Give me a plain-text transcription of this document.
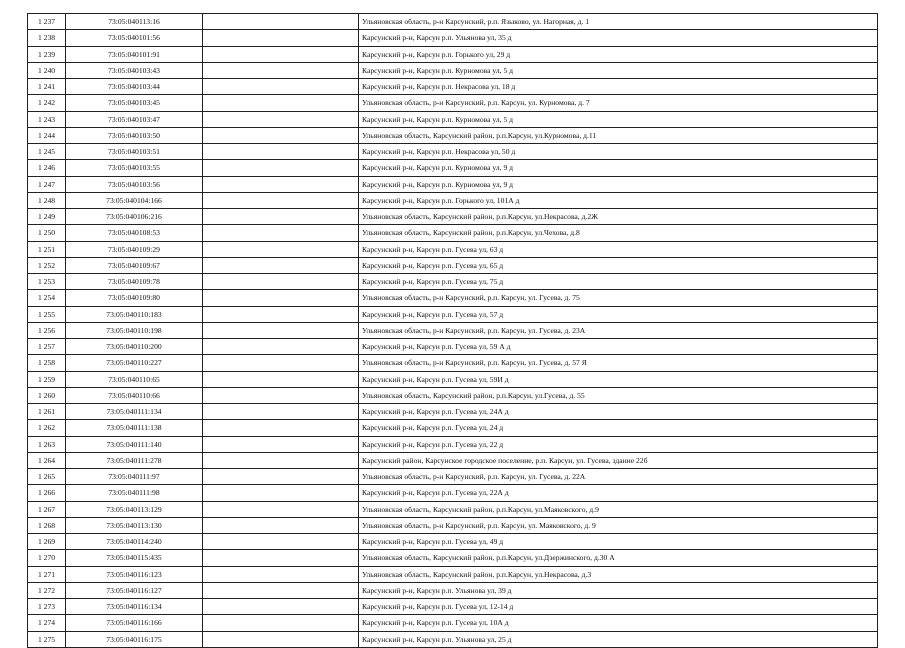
1 237	73:05:040113:16		Ульяновская область, р-н Карсунский, р.п. Языково, ул. Нагорная, д. 1
1 238	73:05:040101:56		Карсунский р-н, Карсун р.п. Ульянова ул, 35 д
1 239	73:05:040101:91		Карсунский р-н, Карсун р.п. Горького ул, 29 д
1 240	73:05:040103:43		Карсунский р-н, Карсун р.п. Курномова ул, 5 д
1 241	73:05:040103:44		Карсунский р-н, Карсун р.п. Некрасова ул, 18 д
1 242	73:05:040103:45		Ульяновская область, р-н Карсунский, р.п. Карсун, ул. Курномова, д. 7
1 243	73:05:040103:47		Карсунский р-н, Карсун р.п. Курномова ул, 5 д
1 244	73:05:040103:50		Ульяновская область, Карсунский район, р.п.Карсун, ул.Курномова, д.11
1 245	73:05:040103:51		Карсунский р-н, Карсун р.п. Некрасова ул, 50 д
1 246	73:05:040103:55		Карсунский р-н, Карсун р.п. Курномова ул, 9 д
1 247	73:05:040103:56		Карсунский р-н, Карсун р.п. Курномова ул, 9 д
1 248	73:05:040104:166		Карсунский р-н, Карсун р.п. Горького ул, 101А д
1 249	73:05:040106:216		Ульяновская область, Карсунский район, р.п.Карсун, ул.Некрасова, д.2Ж
1 250	73:05:040108:53		Ульяновская область, Карсунский район, р.п.Карсун, ул.Чехова, д.8
1 251	73:05:040109:29		Карсунский р-н, Карсун р.п. Гусева ул, 63 д
1 252	73:05:040109:67		Карсунский р-н, Карсун р.п. Гусева ул, 65 д
1 253	73:05:040109:78		Карсунский р-н, Карсун р.п. Гусева ул, 75 д
1 254	73:05:040109:80		Ульяновская область, р-н Карсунский, р.п. Карсун, ул. Гусева, д. 75
1 255	73:05:040110:183		Карсунский р-н, Карсун р.п. Гусева ул, 57 д
1 256	73:05:040110:198		Ульяновская область, р-н Карсунский, р.п. Карсун, ул. Гусева, д. 23А
1 257	73:05:040110:200		Карсунский р-н, Карсун р.п. Гусева ул, 59 А д
1 258	73:05:040110:227		Ульяновская область, р-н Карсунский, р.п. Карсун, ул. Гусева, д. 57 Я
1 259	73:05:040110:65		Карсунский р-н, Карсун р.п. Гусева ул, 59И д
1 260	73:05:040110:66		Ульяновская область, Карсунский район, р.п.Карсун, ул.Гусева, д. 55
1 261	73:05:040111:134		Карсунский р-н, Карсун р.п. Гусева ул, 24А д
1 262	73:05:040111:138		Карсунский р-н, Карсун р.п. Гусева ул, 24 д
1 263	73:05:040111:140		Карсунский р-н, Карсун р.п. Гусева ул, 22 д
1 264	73:05:040111:278		Карсунский район, Карсунское городское поселение, р.п. Карсун, ул. Гусева, здание 22б
1 265	73:05:040111:97		Ульяновская область, р-н Карсунский, р.п. Карсун, ул. Гусева, д. 22А
1 266	73:05:040111:98		Карсунский р-н, Карсун р.п. Гусева ул, 22А д
1 267	73:05:040113:129		Ульяновская область, Карсунский район, р.п.Карсун, ул.Маяковского, д.9
1 268	73:05:040113:130		Ульяновская область, р-н Карсунский, р.п. Карсун, ул. Маяковского, д. 9
1 269	73:05:040114:240		Карсунский р-н, Карсун р.п. Гусева ул, 49 д
1 270	73:05:040115:435		Ульяновская область, Карсунский район, р.п.Карсун, ул.Дзержинского, д.30 А
1 271	73:05:040116:123		Ульяновская область, Карсунский район, р.п.Карсун, ул.Некрасова, д.3
1 272	73:05:040116:127		Карсунский р-н, Карсун р.п. Ульянова ул, 39 д
1 273	73:05:040116:134		Карсунский р-н, Карсун р.п. Гусева ул, 12-14 д
1 274	73:05:040116:166		Карсунский р-н, Карсун р.п. Гусева ул, 10А д
1 275	73:05:040116:175		Карсунский р-н, Карсун р.п. Ульянова ул, 25 д
